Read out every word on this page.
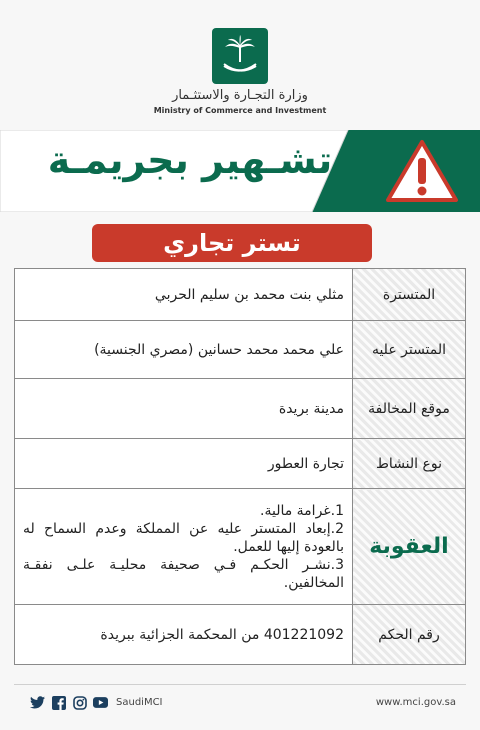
وزارة التجـارة والاستثـمار
Ministry of Commerce and Investment
تشـهير بجريمـة
تستر تجاري
مثلي بنت محمد بن سليم الحربي	المتسترة
علي محمد محمد حسانين (مصري الجنسية)	المتستر عليه
مدينة بريدة	موقع المخالفة
تجارة العطور	نوع النشاط

1.غرامة مالية.
2.إبعاد المتستر عليه عن المملكة وعدم السماح له بالعودة إليها للعمل.
3.نشـر الحكـم فـي صحيفة محليـة علـى نفقـة المخالفين.	العقوبة
401221092 من المحكمة الجزائية ببريدة	رقم الحكم
SaudiMCI	www.mci.gov.sa
